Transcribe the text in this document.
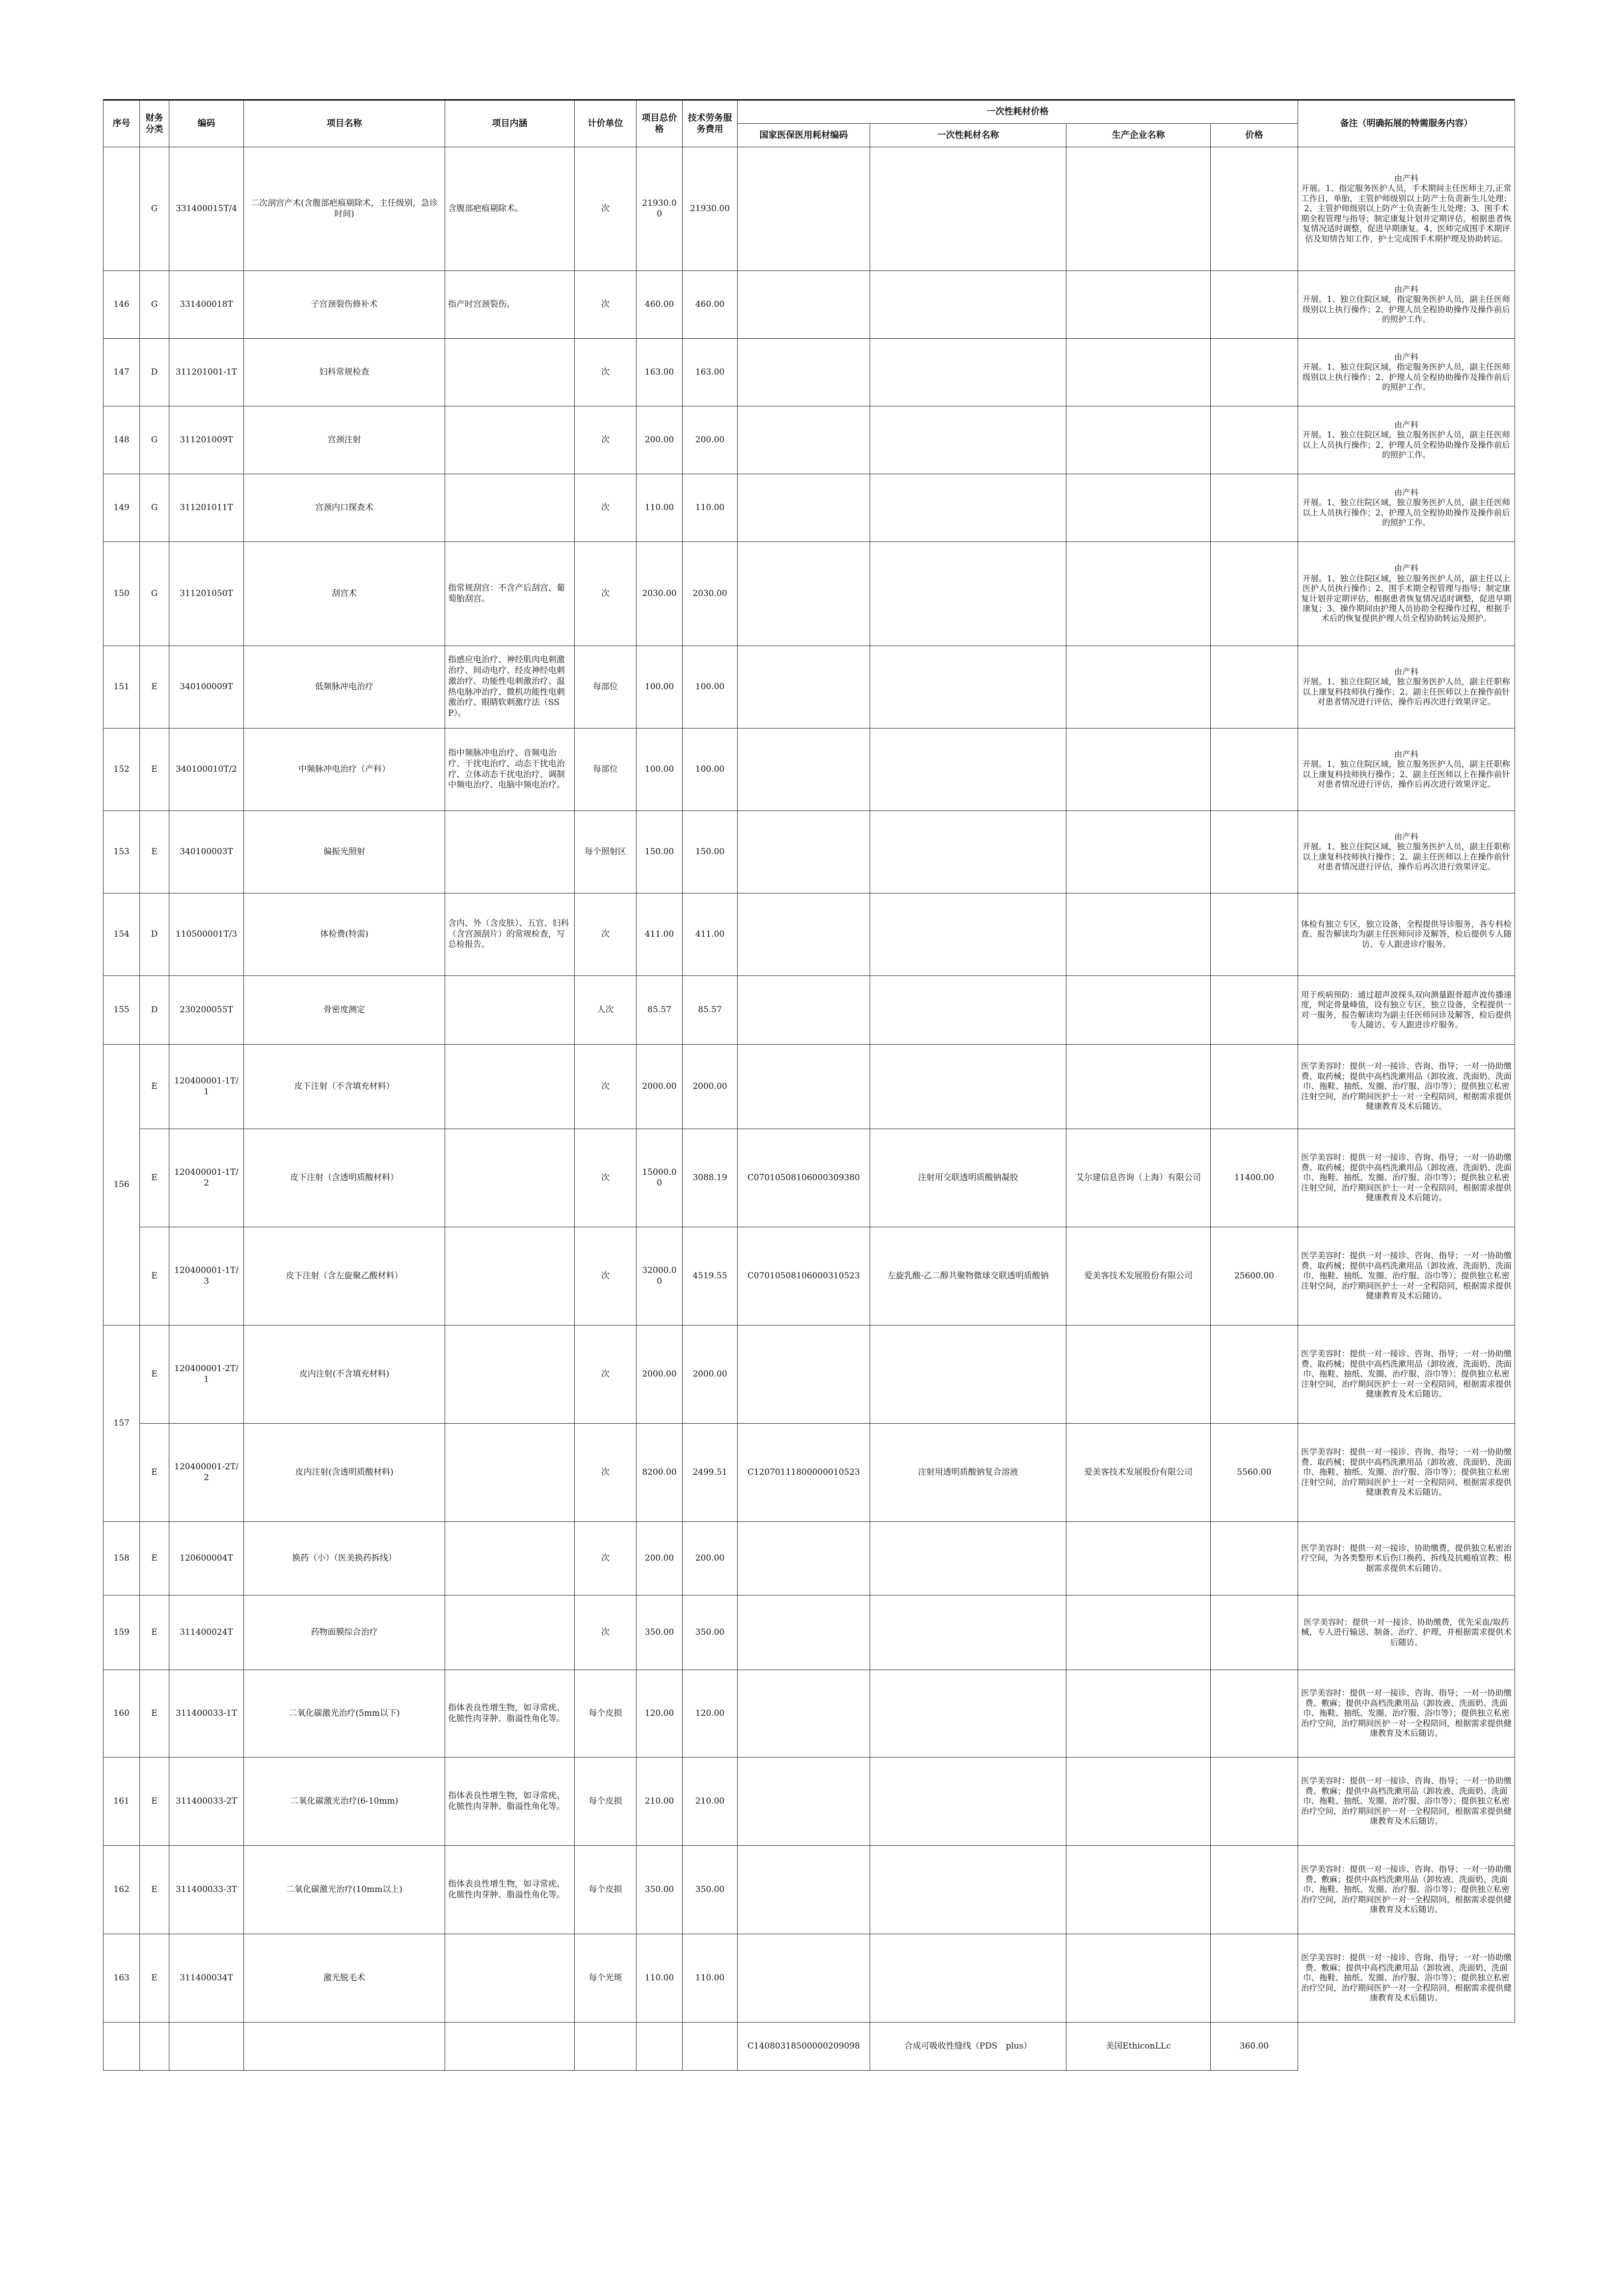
序号	财务分类	编码	项目名称	项目内涵	计价单位	项目总价格	技术劳务服务费用	一次性耗材价格				备注（明确拓展的特需服务内容）
								国家医保医用耗材编码	一次性耗材名称	生产企业名称	价格	
	G	331400015T/4	二次剖宫产术(含腹部疤痕剔除术，主任级别，急诊时间)	含腹部疤痕剔除术。	次	21930.00	21930.00					由产科
开展。1、指定服务医护人员，手术期间主任医师主刀,正常工作日，单胎，主管护师级别以上防产士负责新生儿处理；2、主管护师级别以上防产士负责新生儿处理；3、围手术期全程管理与指导；制定康复计划并定期评估，根据患者恢复情况适时调整，促进早期康复。4、医师完成围手术期评估及知情告知工作，护士完成围手术期护理及协助转运。
146	G	331400018T	子宫颈裂伤修补术	指产时宫颈裂伤。	次	460.00	460.00					由产科
开展。1、独立住院区域，指定服务医护人员，副主任医师级别以上执行操作；2、护理人员全程协助操作及操作前后的照护工作。
147	D	311201001-1T	妇科常规检查		次	163.00	163.00					由产科
开展。1、独立住院区域，指定服务医护人员，副主任医师级别以上执行操作；2、护理人员全程协助操作及操作前后的照护工作。
148	G	311201009T	宫颈注射		次	200.00	200.00					由产科
开展。1、独立住院区域，独立服务医护人员，副主任医师以上人员执行操作；2、护理人员全程协助操作及操作前后的照护工作。
149	G	311201011T	宫颈内口探查术		次	110.00	110.00					由产科
开展。1、独立住院区域，独立服务医护人员，副主任医师以上人员执行操作；2、护理人员全程协助操作及操作前后的照护工作。
150	G	311201050T	刮宫术	指常规刮宫：不含产后刮宫、葡萄胎刮宫。	次	2030.00	2030.00					由产科
开展。1、独立住院区域，独立服务医护人员，副主任以上医护人员执行操作；2、围手术期全程管理与指导；制定康复计划并定期评估，根据患者恢复情况适时调整，促进早期康复；3、操作期间由护理人员协助全程操作过程，根据手术后的恢复提供护理人员全程协助转运及照护。
151	E	340100009T	低频脉冲电治疗	指感应电治疗、神经肌肉电刺激治疗、间动电疗、经皮神经电刺激治疗、功能性电刺激治疗、温热电脉冲治疗、微机功能性电刺激治疗、眼睛软刺激疗法（SSP）。	每部位	100.00	100.00					由产科
开展。1、独立住院区域，独立服务医护人员，副主任职称以上康复科技师执行操作；2、副主任医师以上在操作前针对患者情况进行评估，操作后再次进行效果评定。
152	E	340100010T/2	中频脉冲电治疗（产科）	指中频脉冲电治疗、音频电治疗、干扰电治疗、动态干扰电治疗、立体动态干扰电治疗、调制中频电治疗、电脑中频电治疗。	每部位	100.00	100.00					由产科
开展。1、独立住院区域，独立服务医护人员，副主任职称以上康复科技师执行操作；2、副主任医师以上在操作前针对患者情况进行评估，操作后再次进行效果评定。
153	E	340100003T	偏振光照射		每个照射区	150.00	150.00					由产科
开展。1、独立住院区域，独立服务医护人员，副主任职称以上康复科技师执行操作；2、副主任医师以上在操作前针对患者情况进行评估，操作后再次进行效果评定。
154	D	110500001T/3	体检费(特需)	含内、外（含皮肤）、五官、妇科（含宫颈刮片）的常规检查，写总检报告。	次	411.00	411.00					体检有独立专区，独立设备，全程提供导诊服务，各专科检查、报告解读均为副主任医师问诊及解答，检后提供专人随访、专人跟进诊疗服务。
155	D	230200055T	骨密度测定		人次	85.57	85.57					用于疾病预防：通过超声波探头双向测量跟骨超声波传播速度，判定骨量峰值，设有独立专区，独立设备，全程提供一对一服务，报告解读均为副主任医师问诊及解答，检后提供专人随访、专人跟进诊疗服务。
156	E	120400001-1T/1	皮下注射（不含填充材料）		次	2000.00	2000.00					医学美容时：提供一对一接诊、咨询、指导；一对一协助缴费、取药械；提供中高档洗漱用品（卸妆液、洗面奶、洗面巾、拖鞋、抽纸、发圈、治疗服、浴巾等）；提供独立私密注射空间，治疗期间医护士一对一全程陪同，根据需求提供健康教育及术后随访。
	E	120400001-1T/2	皮下注射（含透明质酸材料）		次	15000.00	3088.19	C07010508106000309380	注射用交联透明质酸钠凝胶	艾尔建信息咨询（上海）有限公司	11400.00	医学美容时：提供一对一接诊、咨询、指导；一对一协助缴费、取药械；提供中高档洗漱用品（卸妆液、洗面奶、洗面巾、拖鞋、抽纸、发圈、治疗服、浴巾等）；提供独立私密注射空间，治疗期间医护士一对一全程陪同，根据需求提供健康教育及术后随访。
	E	120400001-1T/3	皮下注射（含左旋聚乙酸材料）		次	32000.00	4519.55	C07010508106000310523	左旋乳酸-乙二醇共聚物微球交联透明质酸钠	爱美客技术发展股份有限公司	25600.00	医学美容时：提供一对一接诊、咨询、指导；一对一协助缴费、取药械；提供中高档洗漱用品（卸妆液、洗面奶、洗面巾、拖鞋、抽纸、发圈、治疗服、浴巾等）；提供独立私密注射空间，治疗期间医护士一对一全程陪同，根据需求提供健康教育及术后随访。
157	E	120400001-2T/1	皮内注射(不含填充材料)		次	2000.00	2000.00					医学美容时：提供一对一接诊、咨询、指导；一对一协助缴费、取药械；提供中高档洗漱用品（卸妆液、洗面奶、洗面巾、拖鞋、抽纸、发圈、治疗服、浴巾等）；提供独立私密注射空间，治疗期间医护士一对一全程陪同，根据需求提供健康教育及术后随访。
	E	120400001-2T/2	皮内注射(含透明质酸材料)		次	8200.00	2499.51	C12070111800000010523	注射用透明质酸钠复合溶液	爱美客技术发展股份有限公司	5560.00	医学美容时：提供一对一接诊、咨询、指导；一对一协助缴费、取药械；提供中高档洗漱用品（卸妆液、洗面奶、洗面巾、拖鞋、抽纸、发圈、治疗服、浴巾等）；提供独立私密注射空间，治疗期间医护士一对一全程陪同，根据需求提供健康教育及术后随访。
158	E	120600004T	换药（小）（医美换药拆线）		次	200.00	200.00					医学美容时：提供一对一接诊、协助缴费，提供独立私密治疗空间，为各类整形术后伤口换药、拆线及抗瘢痕宣教；根据需求提供术后随访。
159	E	311400024T	药物面膜综合治疗		次	350.00	350.00					医学美容时：提供一对一接诊、协助缴费，优先采血/取药械，专人进行输送、制备、治疗、护理，并根据需求提供术后随访。
160	E	311400033-1T	二氧化碳激光治疗(5mm以下)	指体表良性增生物，如寻常疣、化脓性肉芽肿、脂溢性角化等。	每个皮损	120.00	120.00					医学美容时：提供一对一接诊、咨询、指导；一对一协助缴费、敷麻；提供中高档洗漱用品（卸妆液、洗面奶、洗面巾、拖鞋、抽纸、发圈、治疗服、浴巾等）；提供独立私密治疗空间，治疗期间医护一对一全程陪同，根据需求提供健康教育及术后随访。
161	E	311400033-2T	二氧化碳激光治疗(6-10mm)	指体表良性增生物，如寻常疣、化脓性肉芽肿、脂溢性角化等。	每个皮损	210.00	210.00					医学美容时：提供一对一接诊、咨询、指导；一对一协助缴费、敷麻；提供中高档洗漱用品（卸妆液、洗面奶、洗面巾、拖鞋、抽纸、发圈、治疗服、浴巾等）；提供独立私密治疗空间，治疗期间医护一对一全程陪同，根据需求提供健康教育及术后随访。
162	E	311400033-3T	二氧化碳激光治疗(10mm以上)	指体表良性增生物，如寻常疣、化脓性肉芽肿、脂溢性角化等。	每个皮损	350.00	350.00					医学美容时：提供一对一接诊、咨询、指导；一对一协助缴费、敷麻；提供中高档洗漱用品（卸妆液、洗面奶、洗面巾、拖鞋、抽纸、发圈、治疗服、浴巾等）；提供独立私密治疗空间，治疗期间医护一对一全程陪同，根据需求提供健康教育及术后随访。
163	E	311400034T	激光脱毛术		每个光斑	110.00	110.00					医学美容时：提供一对一接诊、咨询、指导；一对一协助缴费、敷麻；提供中高档洗漱用品（卸妆液、洗面奶、洗面巾、拖鞋、抽纸、发圈、治疗服、浴巾等）；提供独立私密治疗空间，治疗期间医护一对一全程陪同，根据需求提供健康教育及术后随访。
								C14080318500000209098	合成可吸收性缝线（PDS　plus）	美国EthiconLLc	360.00	
